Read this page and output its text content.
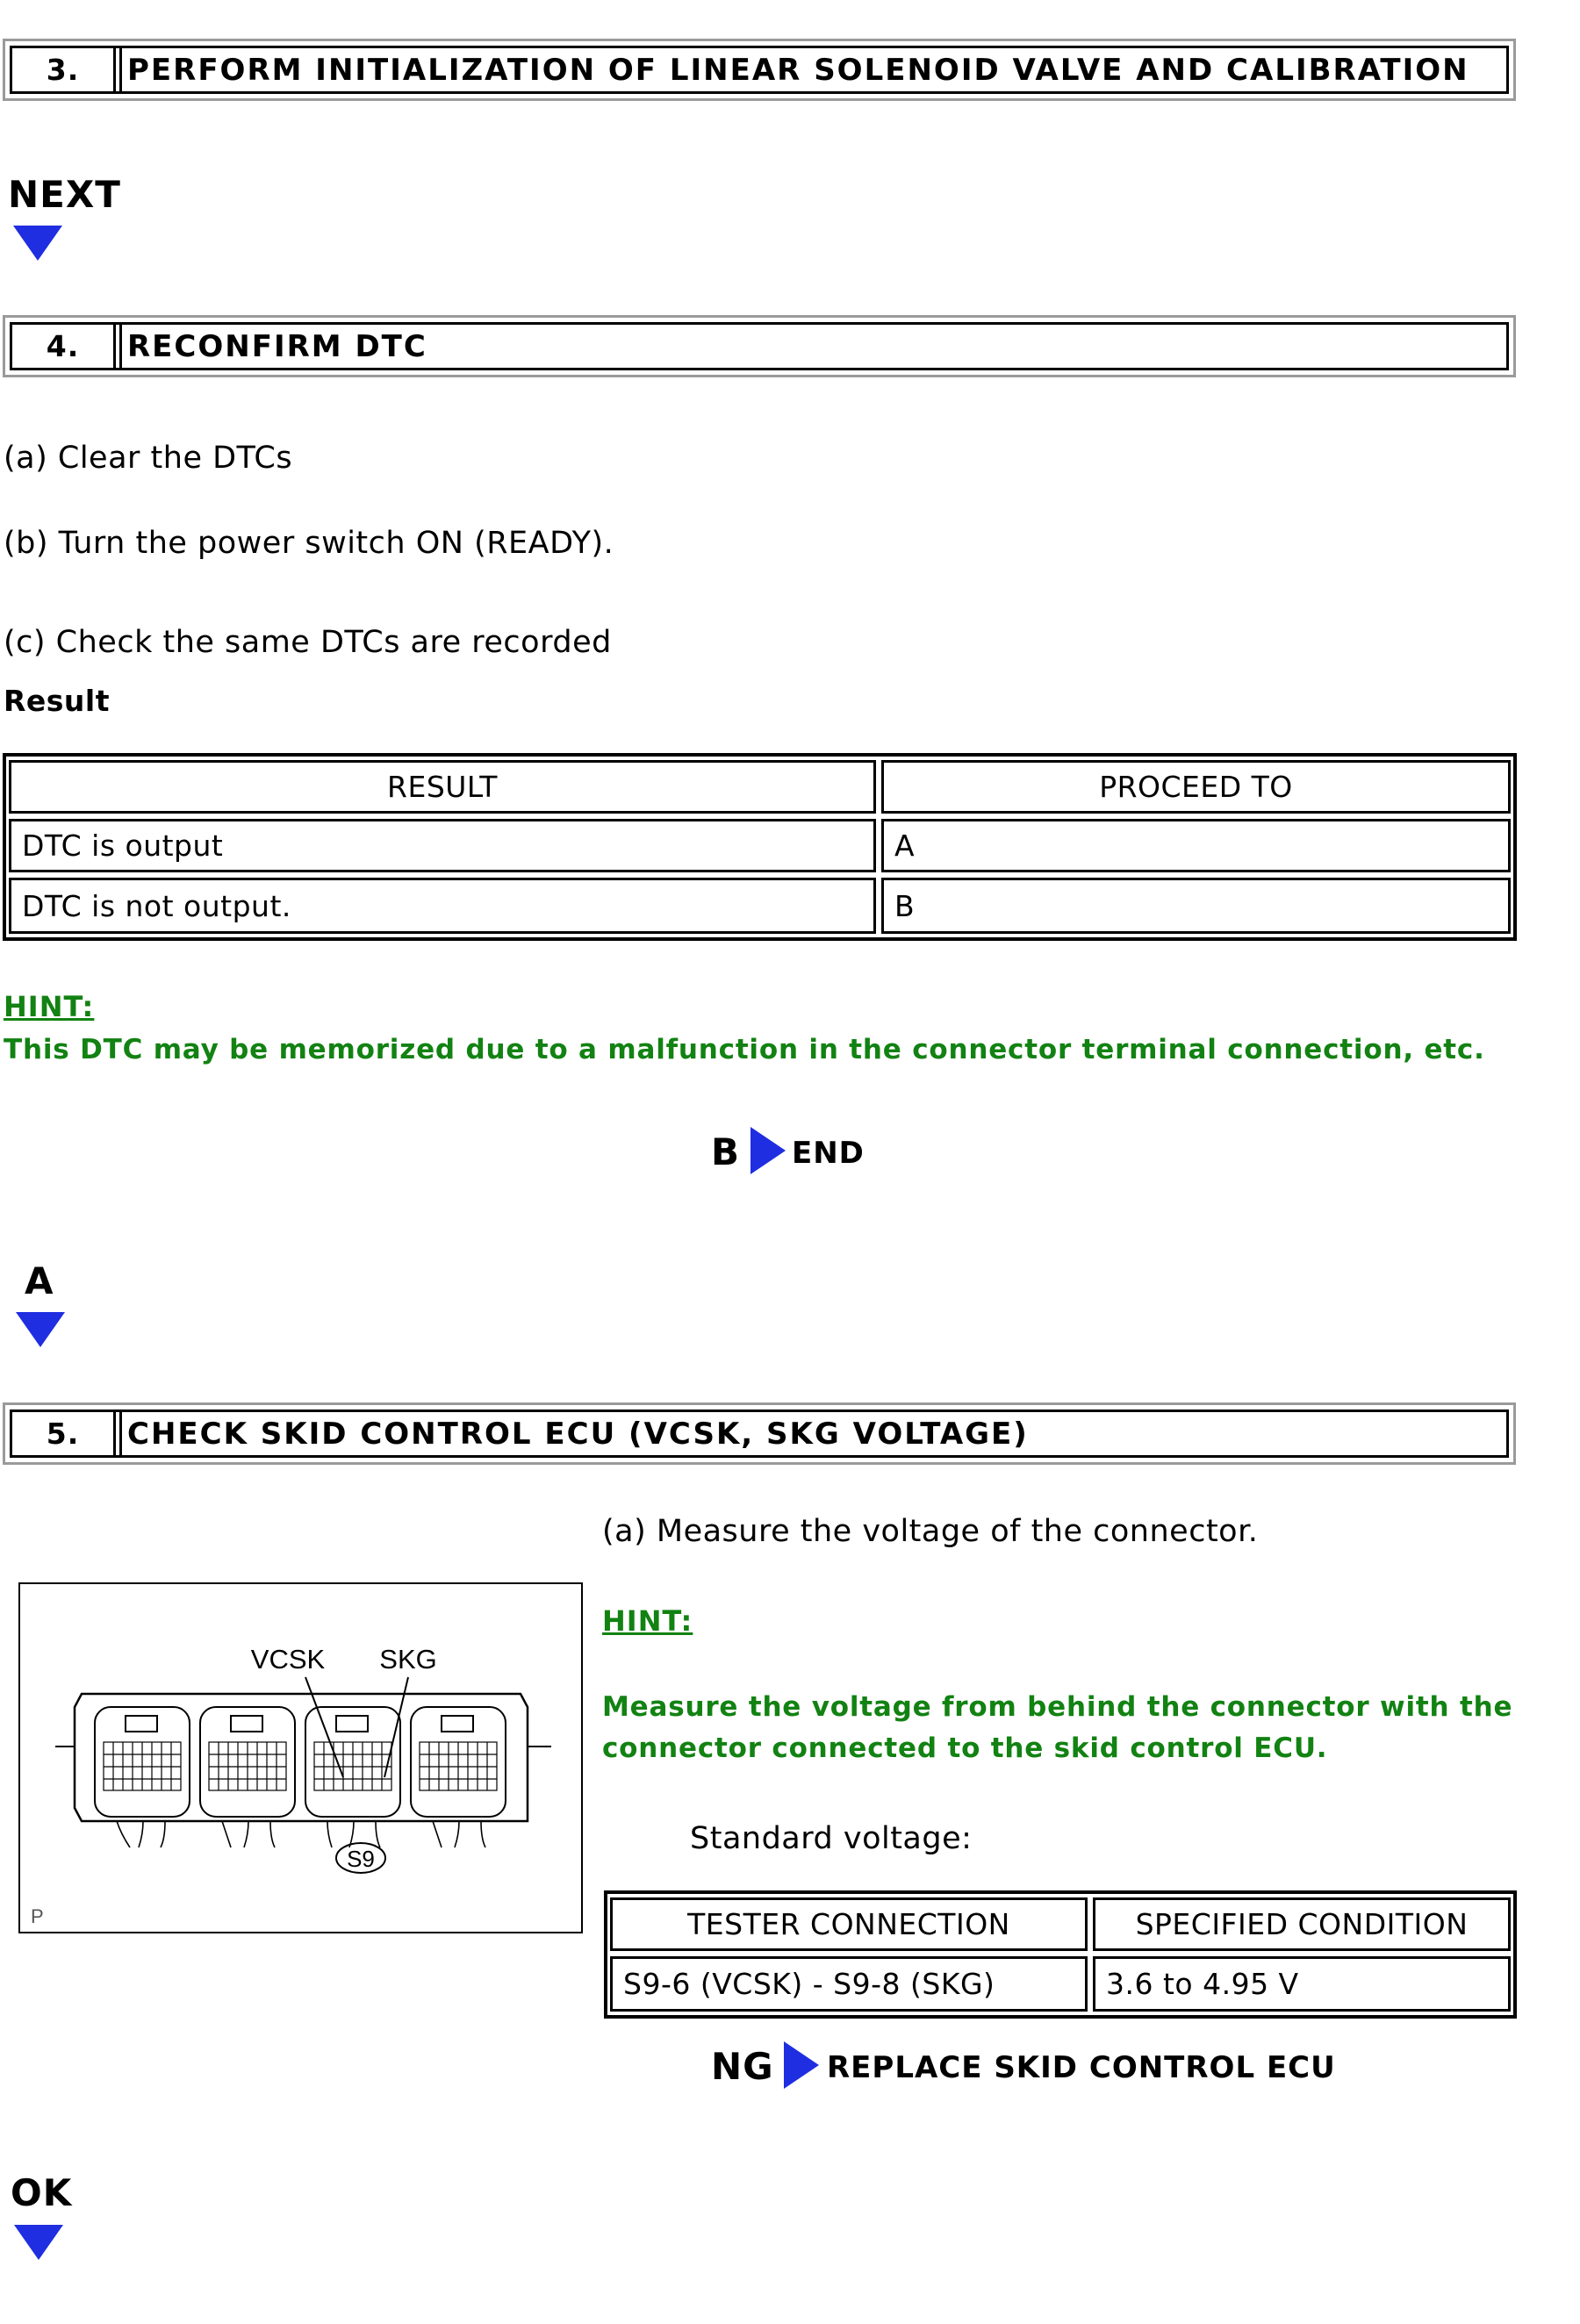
3.	PERFORM INITIALIZATION OF LINEAR SOLENOID VALVE AND CALIBRATION
NEXT
4.	RECONFIRM DTC
(a) Clear the DTCs
(b) Turn the power switch ON (READY).
(c) Check the same DTCs are recorded
Result
RESULT	PROCEED TO
DTC is output	A
DTC is not output.	B
HINT:
This DTC may be memorized due to a malfunction in the connector terminal connection, etc.
B END
A
5.	CHECK SKID CONTROL ECU (VCSK, SKG VOLTAGE)
VCSK SKG
S9
P
(a) Measure the voltage of the connector.
HINT:
Measure the voltage from behind the connector with the
connector connected to the skid control ECU.
Standard voltage:
TESTER CONNECTION	SPECIFIED CONDITION
S9-6 (VCSK) - S9-8 (SKG)	3.6 to 4.95 V
NG REPLACE SKID CONTROL ECU
OK
